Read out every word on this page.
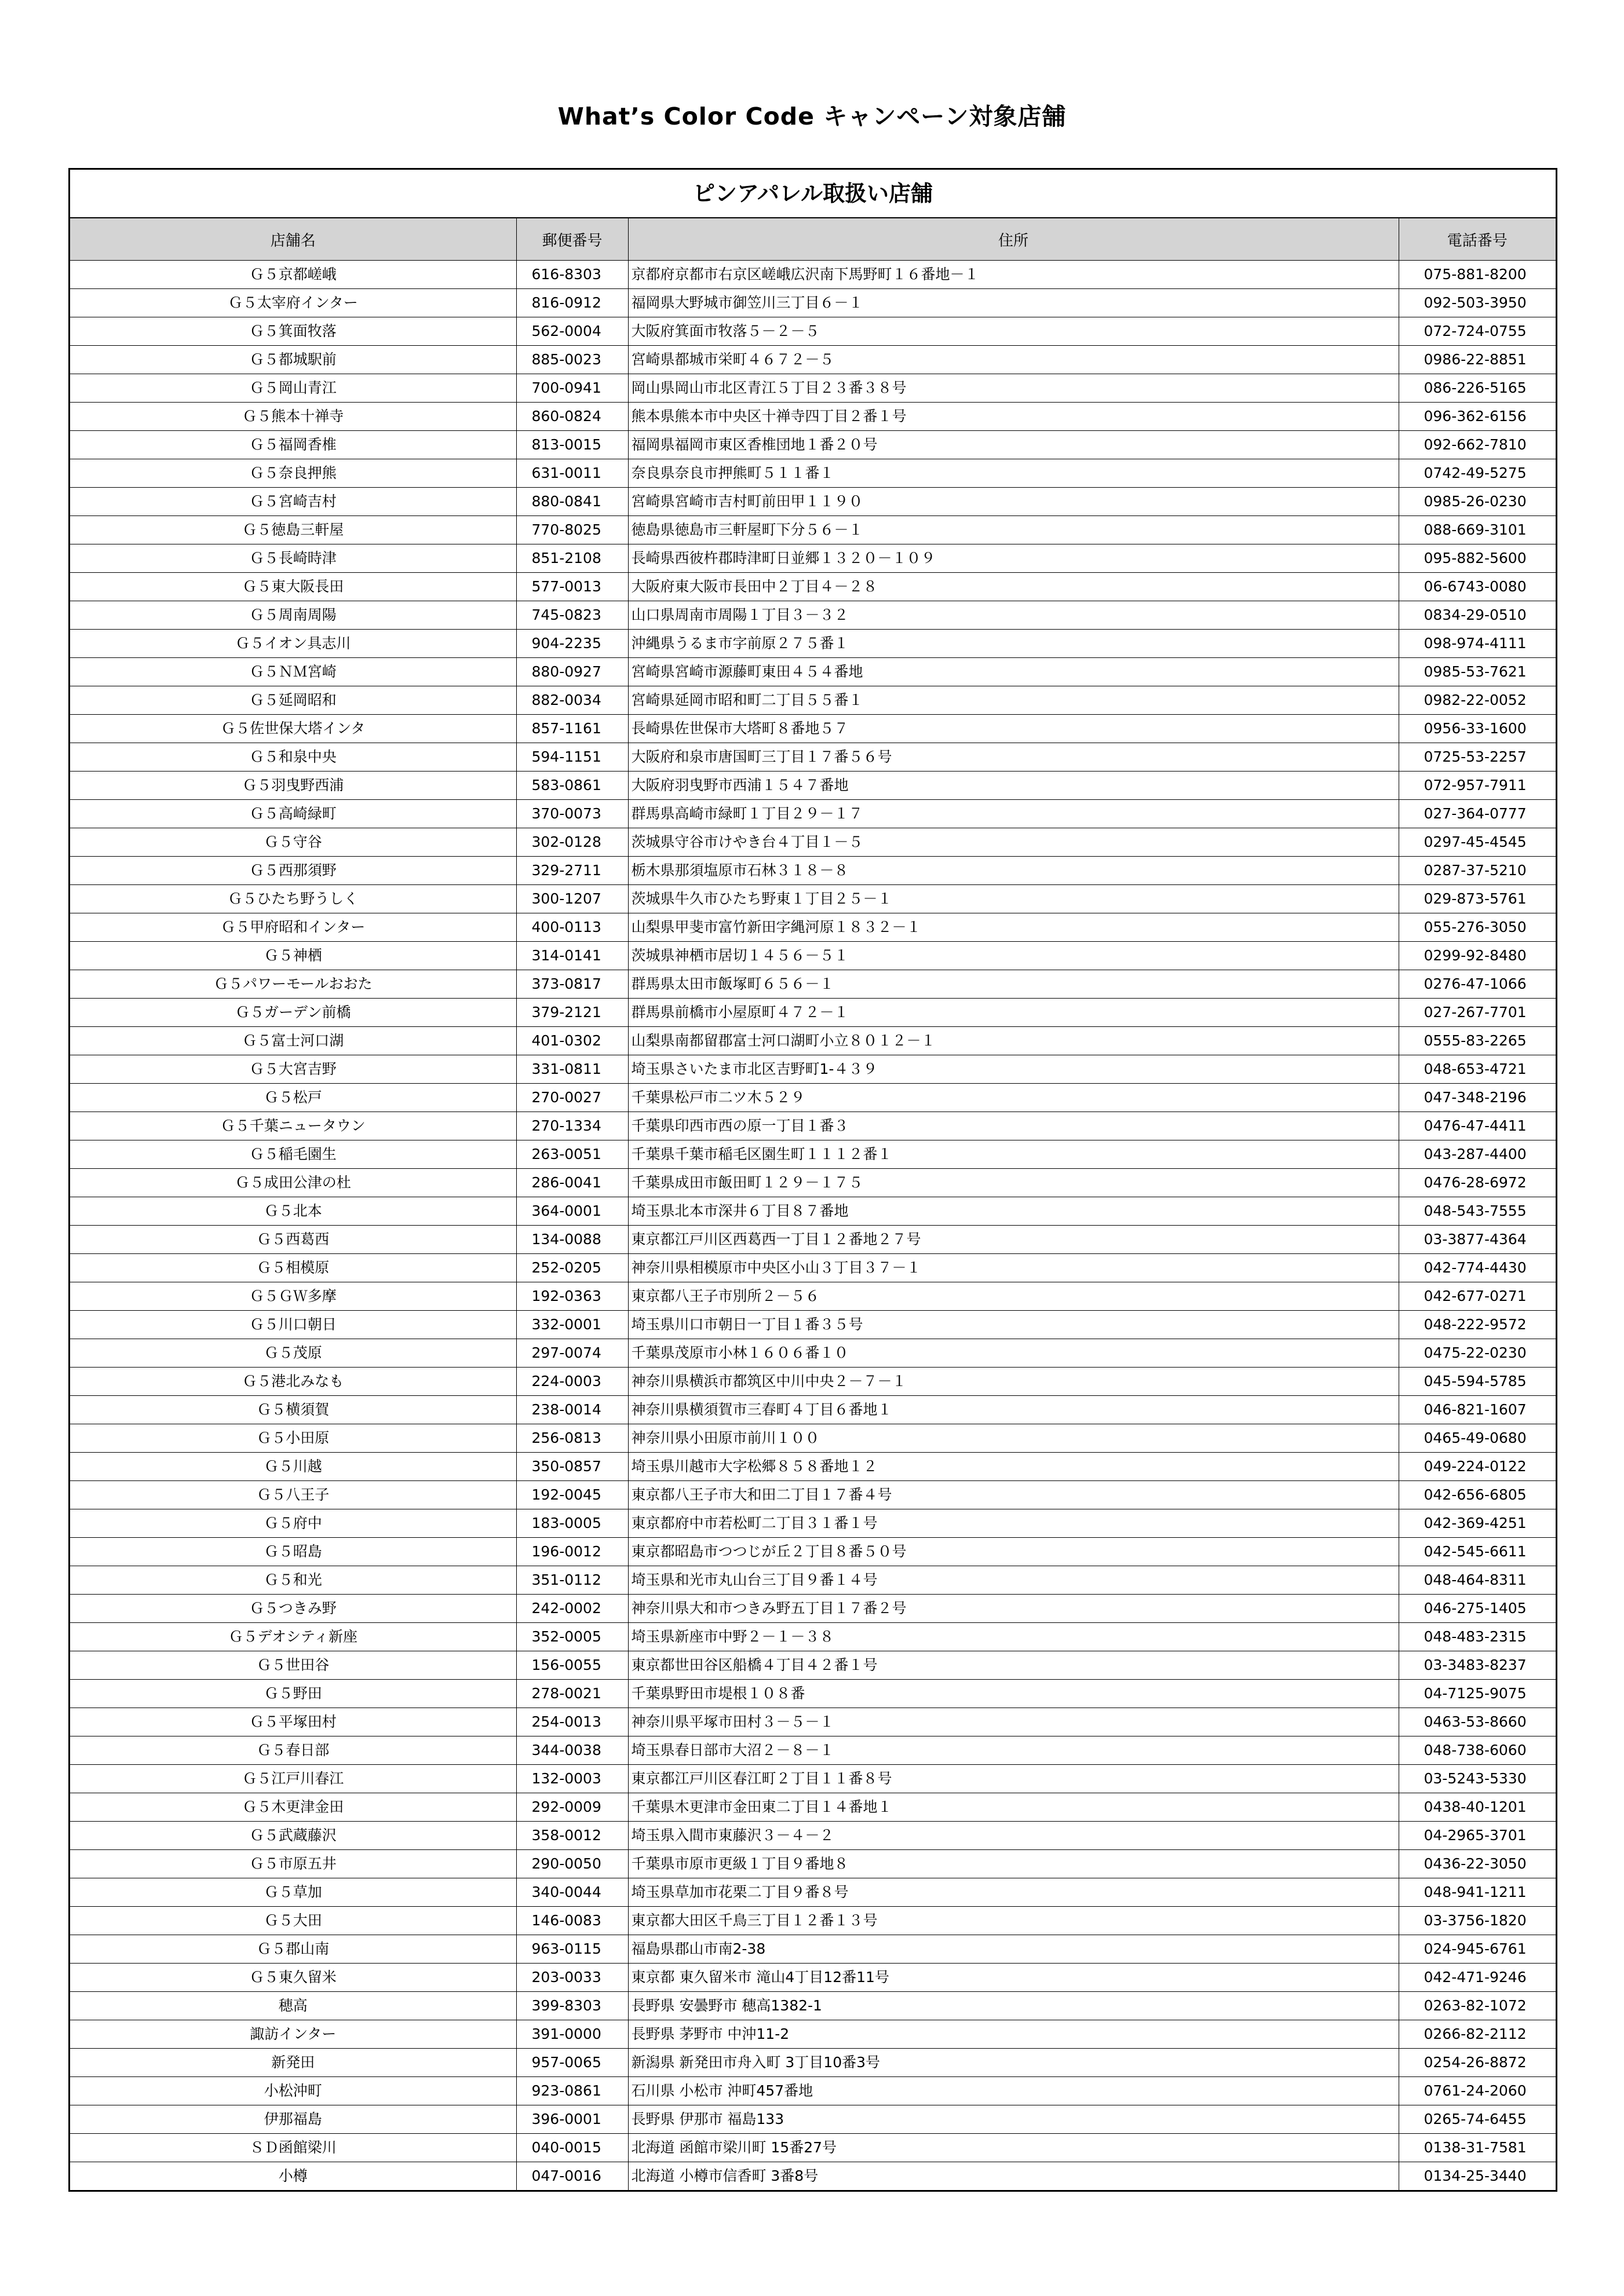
What’s Color Code キャンペーン対象店舗
ピンアパレル取扱い店舗
店舗名	郵便番号	住所	電話番号
Ｇ５京都嵯峨	616-8303	京都府京都市右京区嵯峨広沢南下馬野町１６番地－１	075-881-8200
Ｇ５太宰府インター	816-0912	福岡県大野城市御笠川三丁目６－１	092-503-3950
Ｇ５箕面牧落	562-0004	大阪府箕面市牧落５－２－５	072-724-0755
Ｇ５都城駅前	885-0023	宮崎県都城市栄町４６７２－５	0986-22-8851
Ｇ５岡山青江	700-0941	岡山県岡山市北区青江５丁目２３番３８号	086-226-5165
Ｇ５熊本十禅寺	860-0824	熊本県熊本市中央区十禅寺四丁目２番１号	096-362-6156
Ｇ５福岡香椎	813-0015	福岡県福岡市東区香椎団地１番２０号	092-662-7810
Ｇ５奈良押熊	631-0011	奈良県奈良市押熊町５１１番１	0742-49-5275
Ｇ５宮崎吉村	880-0841	宮崎県宮崎市吉村町前田甲１１９０	0985-26-0230
Ｇ５徳島三軒屋	770-8025	徳島県徳島市三軒屋町下分５６－１	088-669-3101
Ｇ５長崎時津	851-2108	長崎県西彼杵郡時津町日並郷１３２０－１０９	095-882-5600
Ｇ５東大阪長田	577-0013	大阪府東大阪市長田中２丁目４－２８	06-6743-0080
Ｇ５周南周陽	745-0823	山口県周南市周陽１丁目３－３２	0834-29-0510
Ｇ５イオン具志川	904-2235	沖縄県うるま市字前原２７５番１	098-974-4111
Ｇ５ＮＭ宮崎	880-0927	宮崎県宮崎市源藤町東田４５４番地	0985-53-7621
Ｇ５延岡昭和	882-0034	宮崎県延岡市昭和町二丁目５５番１	0982-22-0052
Ｇ５佐世保大塔インタ	857-1161	長崎県佐世保市大塔町８番地５７	0956-33-1600
Ｇ５和泉中央	594-1151	大阪府和泉市唐国町三丁目１７番５６号	0725-53-2257
Ｇ５羽曳野西浦	583-0861	大阪府羽曳野市西浦１５４７番地	072-957-7911
Ｇ５高崎緑町	370-0073	群馬県高崎市緑町１丁目２９－１７	027-364-0777
Ｇ５守谷	302-0128	茨城県守谷市けやき台４丁目１－５	0297-45-4545
Ｇ５西那須野	329-2711	栃木県那須塩原市石林３１８－８	0287-37-5210
Ｇ５ひたち野うしく	300-1207	茨城県牛久市ひたち野東１丁目２５－１	029-873-5761
Ｇ５甲府昭和インター	400-0113	山梨県甲斐市富竹新田字縄河原１８３２－１	055-276-3050
Ｇ５神栖	314-0141	茨城県神栖市居切１４５６－５１	0299-92-8480
Ｇ５パワーモールおおた	373-0817	群馬県太田市飯塚町６５６－１	0276-47-1066
Ｇ５ガーデン前橋	379-2121	群馬県前橋市小屋原町４７２－１	027-267-7701
Ｇ５富士河口湖	401-0302	山梨県南都留郡富士河口湖町小立８０１２－１	0555-83-2265
Ｇ５大宮吉野	331-0811	埼玉県さいたま市北区吉野町1-４３９	048-653-4721
Ｇ５松戸	270-0027	千葉県松戸市二ツ木５２９	047-348-2196
Ｇ５千葉ニュータウン	270-1334	千葉県印西市西の原一丁目１番３	0476-47-4411
Ｇ５稲毛園生	263-0051	千葉県千葉市稲毛区園生町１１１２番１	043-287-4400
Ｇ５成田公津の杜	286-0041	千葉県成田市飯田町１２９－１７５	0476-28-6972
Ｇ５北本	364-0001	埼玉県北本市深井６丁目８７番地	048-543-7555
Ｇ５西葛西	134-0088	東京都江戸川区西葛西一丁目１２番地２７号	03-3877-4364
Ｇ５相模原	252-0205	神奈川県相模原市中央区小山３丁目３７－１	042-774-4430
Ｇ５ＧＷ多摩	192-0363	東京都八王子市別所２－５６	042-677-0271
Ｇ５川口朝日	332-0001	埼玉県川口市朝日一丁目１番３５号	048-222-9572
Ｇ５茂原	297-0074	千葉県茂原市小林１６０６番１０	0475-22-0230
Ｇ５港北みなも	224-0003	神奈川県横浜市都筑区中川中央２－７－１	045-594-5785
Ｇ５横須賀	238-0014	神奈川県横須賀市三春町４丁目６番地１	046-821-1607
Ｇ５小田原	256-0813	神奈川県小田原市前川１００	0465-49-0680
Ｇ５川越	350-0857	埼玉県川越市大字松郷８５８番地１２	049-224-0122
Ｇ５八王子	192-0045	東京都八王子市大和田二丁目１７番４号	042-656-6805
Ｇ５府中	183-0005	東京都府中市若松町二丁目３１番１号	042-369-4251
Ｇ５昭島	196-0012	東京都昭島市つつじが丘２丁目８番５０号	042-545-6611
Ｇ５和光	351-0112	埼玉県和光市丸山台三丁目９番１４号	048-464-8311
Ｇ５つきみ野	242-0002	神奈川県大和市つきみ野五丁目１７番２号	046-275-1405
Ｇ５デオシティ新座	352-0005	埼玉県新座市中野２－１－３８	048-483-2315
Ｇ５世田谷	156-0055	東京都世田谷区船橋４丁目４２番１号	03-3483-8237
Ｇ５野田	278-0021	千葉県野田市堤根１０８番	04-7125-9075
Ｇ５平塚田村	254-0013	神奈川県平塚市田村３－５－１	0463-53-8660
Ｇ５春日部	344-0038	埼玉県春日部市大沼２－８－１	048-738-6060
Ｇ５江戸川春江	132-0003	東京都江戸川区春江町２丁目１１番８号	03-5243-5330
Ｇ５木更津金田	292-0009	千葉県木更津市金田東二丁目１４番地１	0438-40-1201
Ｇ５武蔵藤沢	358-0012	埼玉県入間市東藤沢３－４－２	04-2965-3701
Ｇ５市原五井	290-0050	千葉県市原市更級１丁目９番地８	0436-22-3050
Ｇ５草加	340-0044	埼玉県草加市花栗二丁目９番８号	048-941-1211
Ｇ５大田	146-0083	東京都大田区千鳥三丁目１２番１３号	03-3756-1820
Ｇ５郡山南	963-0115	福島県郡山市南2-38	024-945-6761
Ｇ５東久留米	203-0033	東京都 東久留米市 滝山4丁目12番11号	042-471-9246
穂高	399-8303	長野県 安曇野市 穂高1382-1	0263-82-1072
諏訪インター	391-0000	長野県 茅野市 中沖11-2	0266-82-2112
新発田	957-0065	新潟県 新発田市舟入町 3丁目10番3号	0254-26-8872
小松沖町	923-0861	石川県 小松市 沖町457番地	0761-24-2060
伊那福島	396-0001	長野県 伊那市 福島133	0265-74-6455
ＳＤ函館梁川	040-0015	北海道 函館市梁川町 15番27号	0138-31-7581
小樽	047-0016	北海道 小樽市信香町 3番8号	0134-25-3440
